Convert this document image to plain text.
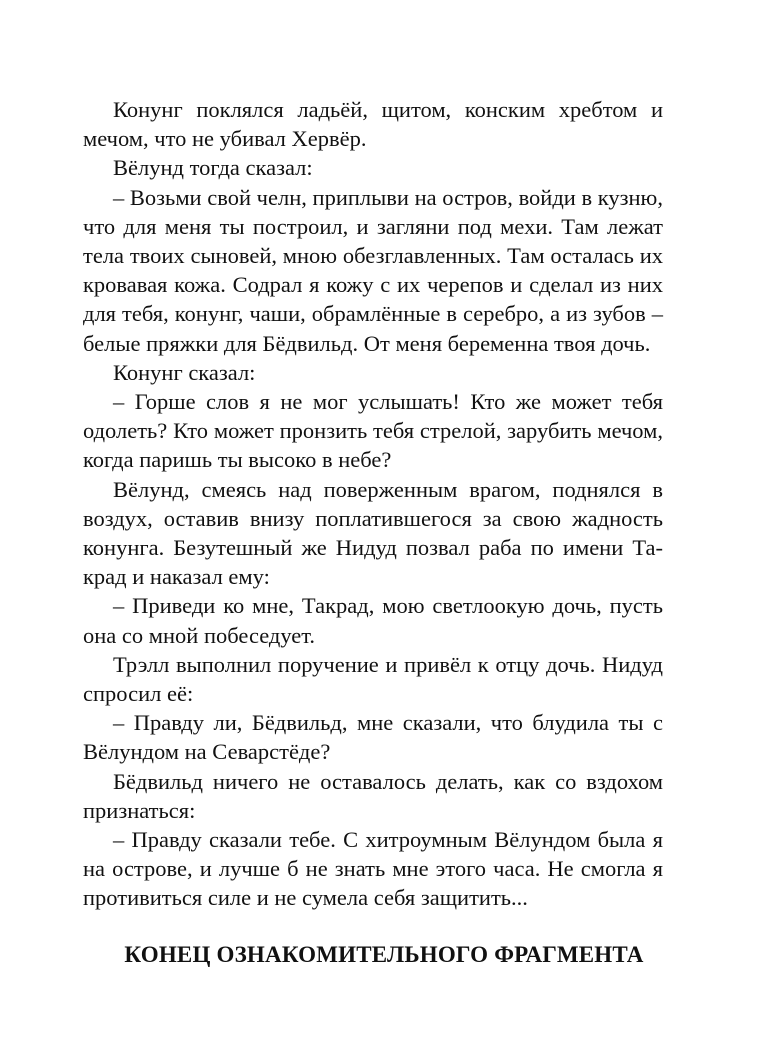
Конунг поклялся ладьёй, щитом, конским хребтом и мечом, что не убивал Хервёр.

Вёлунд тогда сказал:

– Возьми свой челн, приплыви на остров, войди в кузню, что для меня ты построил, и загляни под мехи. Там лежат тела твоих сыновей, мною обезглавленных. Там осталась их кровавая кожа. Содрал я кожу с их черепов и сделал из них для тебя, конунг, чаши, обрамлённые в серебро, а из зубов – белые пряжки для Бёдвильд. От меня беременна твоя дочь.

Конунг сказал:

– Горше слов я не мог услышать! Кто же может тебя одолеть? Кто может пронзить тебя стрелой, зарубить мечом, когда паришь ты высоко в небе?

Вёлунд, смеясь над поверженным врагом, поднялся в воздух, оставив внизу поплатившегося за свою жадность конунга. Безутешный же Нидуд позвал раба по имени Такрад и наказал ему:

– Приведи ко мне, Такрад, мою светлоокую дочь, пусть она со мной побеседует.

Трэлл выполнил поручение и привёл к отцу дочь. Нидуд спросил её:

– Правду ли, Бёдвильд, мне сказали, что блудила ты с Вёлундом на Севарстёде?

Бёдвильд ничего не оставалось делать, как со вздохом признаться:

– Правду сказали тебе. С хитроумным Вёлундом была я на острове, и лучше б не знать мне этого часа. Не смогла я противиться силе и не сумела себя защитить...

КОНЕЦ ОЗНАКОМИТЕЛЬНОГО ФРАГМЕНТА
